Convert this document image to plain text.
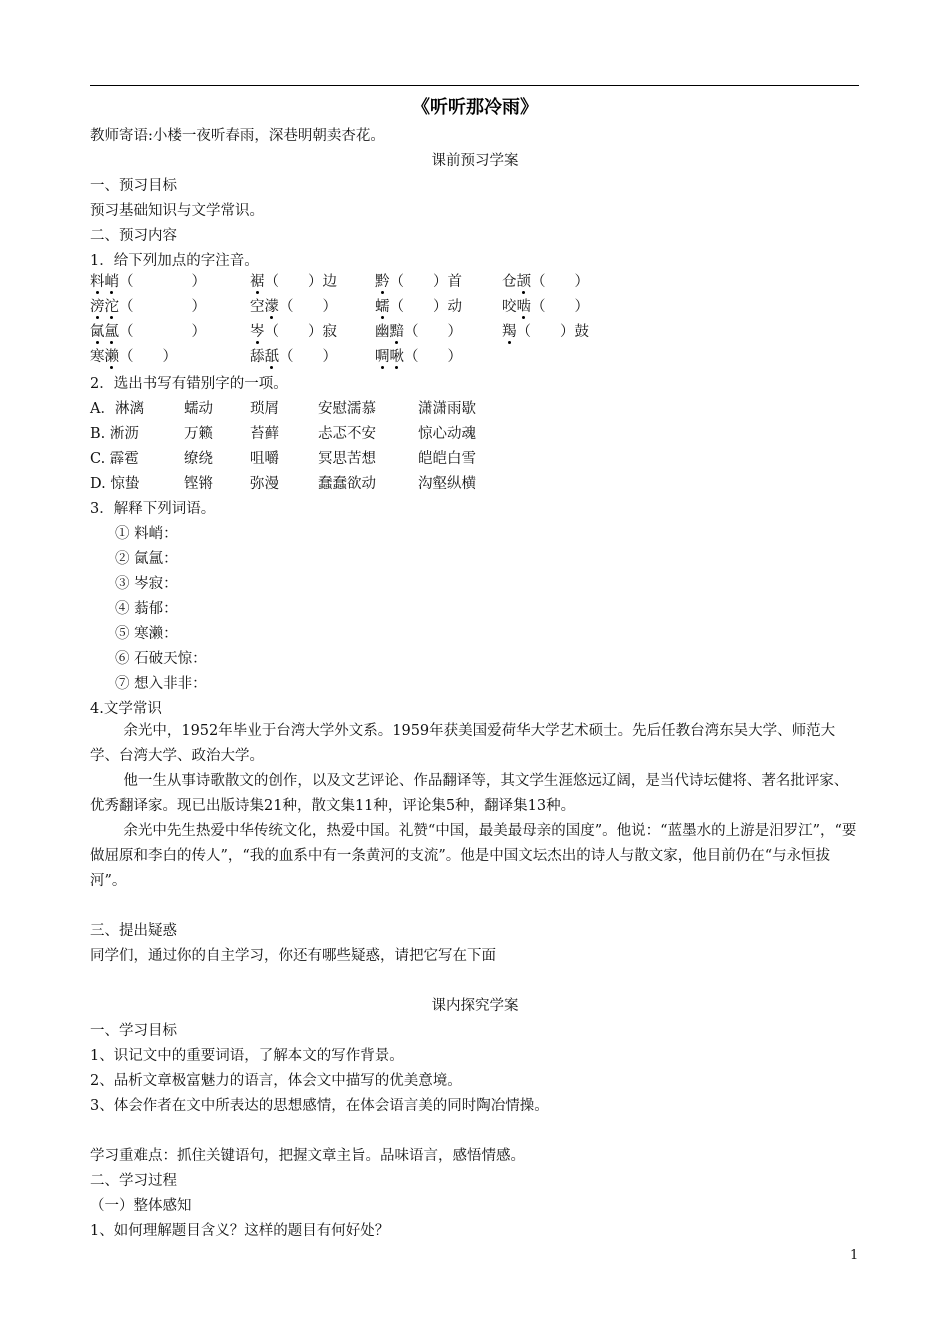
《听听那冷雨》
教师寄语:小楼一夜听春雨，深巷明朝卖杏花。
课前预习学案
一、预习目标
预习基础知识与文学常识。
二、预习内容
1．给下列加点的字注音。
料峭（　　　　）	裾（　　）边	黔（　　）首	仓颉（　　）
滂沱（　　　　）	空濛（　　）	蠕（　　）动	咬啮（　　）
氤氲（　　　　）	岑（　　）寂	幽黯（　　）	羯（　　）鼓
寒濑（　　）	舔舐（　　）	啁啾（　　）
2．选出书写有错别字的一项。
A．淋漓	蠕动	琐屑	安慰濡慕	潇潇雨歇
B. 淅沥	万籁	苔藓	忐忑不安	惊心动魂
C. 霹雹	缭绕	咀嚼	冥思苦想	皑皑白雪
D. 惊蛰	铿锵	弥漫	蠢蠢欲动	沟壑纵横
3．解释下列词语。
① 料峭：
② 氤氲：
③ 岑寂：
④ 蓊郁：
⑤ 寒濑：
⑥ 石破天惊：
⑦ 想入非非：
4.文学常识
余光中，1952年毕业于台湾大学外文系。1959年获美国爱荷华大学艺术硕士。先后任教台湾东吴大学、师范大学、台湾大学、政治大学。
他一生从事诗歌散文的创作，以及文艺评论、作品翻译等，其文学生涯悠远辽阔，是当代诗坛健将、著名批评家、优秀翻译家。现已出版诗集21种，散文集11种，评论集5种，翻译集13种。
余光中先生热爱中华传统文化，热爱中国。礼赞“中国，最美最母亲的国度”。他说：“蓝墨水的上游是汨罗江”，“要做屈原和李白的传人”，“我的血系中有一条黄河的支流”。他是中国文坛杰出的诗人与散文家，他目前仍在“与永恒拔河”。
三、提出疑惑
同学们，通过你的自主学习，你还有哪些疑惑，请把它写在下面
课内探究学案
一、学习目标
1、识记文中的重要词语，了解本文的写作背景。
2、品析文章极富魅力的语言，体会文中描写的优美意境。
3、体会作者在文中所表达的思想感情，在体会语言美的同时陶冶情操。
学习重难点：抓住关键语句，把握文章主旨。品味语言，感悟情感。
二、学习过程
（一）整体感知
1、如何理解题目含义？这样的题目有何好处？
1
